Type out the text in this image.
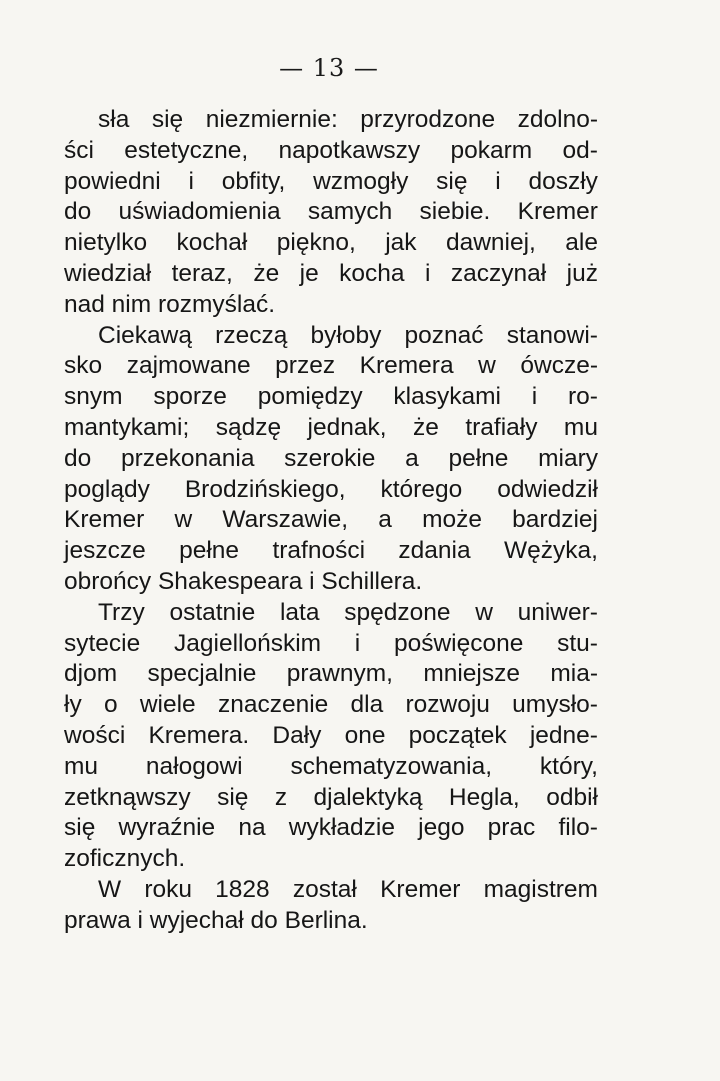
— 13 —
sła się niezmiernie: przyrodzone zdolno-
ści estetyczne, napotkawszy pokarm od-
powiedni i obfity, wzmogły się i doszły
do uświadomienia samych siebie. Kremer
nietylko kochał piękno, jak dawniej, ale
wiedział teraz, że je kocha i zaczynał już
nad nim rozmyślać.
Ciekawą rzeczą byłoby poznać stanowi-
sko zajmowane przez Kremera w ówcze-
snym sporze pomiędzy klasykami i ro-
mantykami; sądzę jednak, że trafiały mu
do przekonania szerokie a pełne miary
poglądy Brodzińskiego, którego odwiedził
Kremer w Warszawie, a może bardziej
jeszcze pełne trafności zdania Wężyka,
obrońcy Shakespeara i Schillera.
Trzy ostatnie lata spędzone w uniwer-
sytecie Jagiellońskim i poświęcone stu-
djom specjalnie prawnym, mniejsze mia-
ły o wiele znaczenie dla rozwoju umysło-
wości Kremera. Dały one początek jedne-
mu nałogowi schematyzowania, który,
zetknąwszy się z djalektyką Hegla, odbił
się wyraźnie na wykładzie jego prac filo-
zoficznych.
W roku 1828 został Kremer magistrem
prawa i wyjechał do Berlina.
